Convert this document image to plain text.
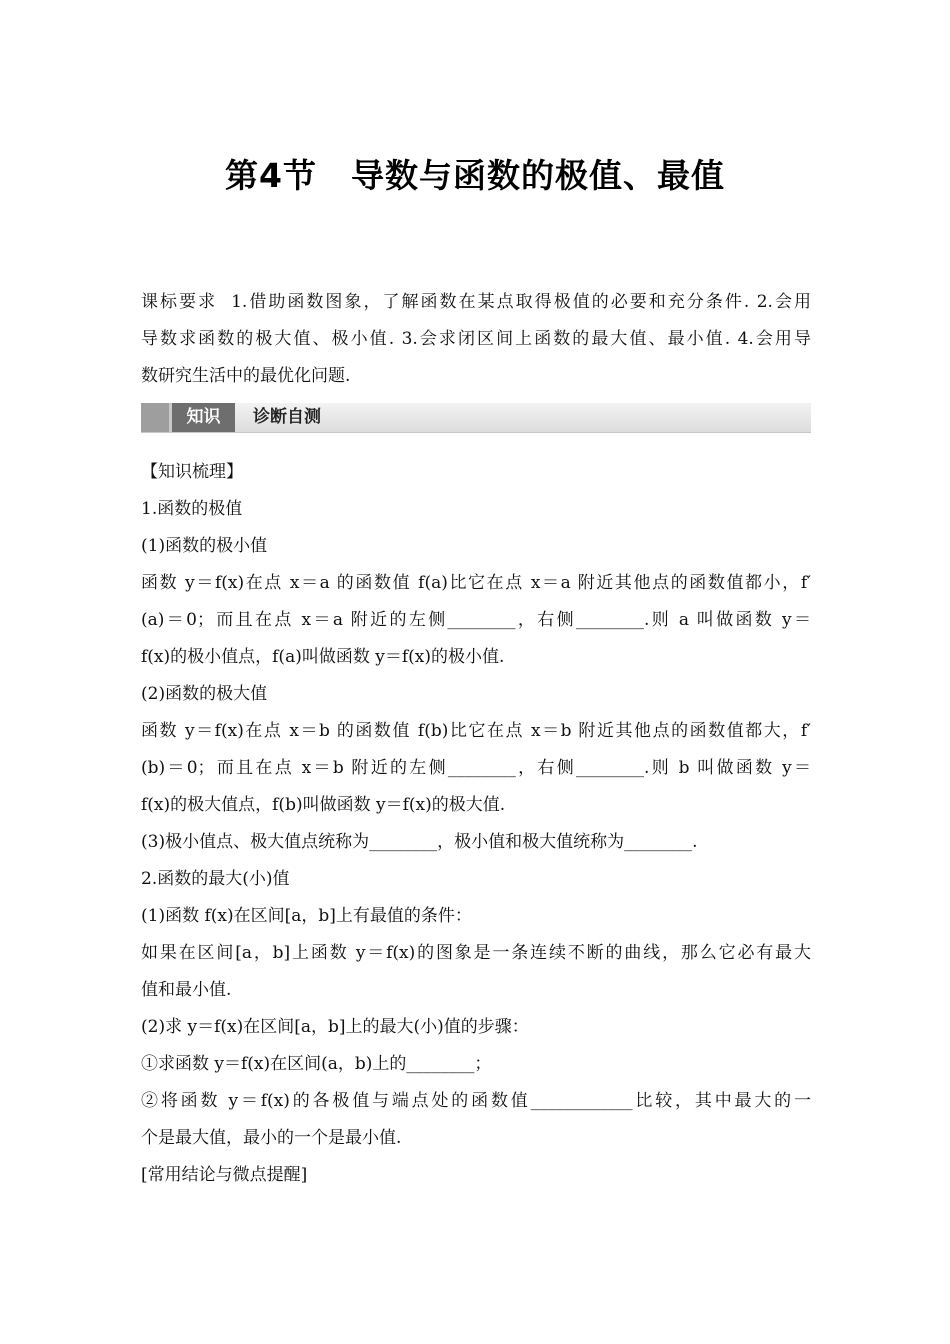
第4节　导数与函数的极值、最值
课标要求 1.借助函数图象，了解函数在某点取得极值的必要和充分条件. 2.会用
导数求函数的极大值、极小值. 3.会求闭区间上函数的最大值、最小值. 4.会用导
数研究生活中的最优化问题.
知识	诊断自测

【知识梳理】

1.函数的极值

(1)函数的极小值

函数 y＝f(x)在点 x＝a 的函数值 f(a)比它在点 x＝a 附近其他点的函数值都小，f′

(a)＝0；而且在点 x＝a 附近的左侧________，右侧________.则 a 叫做函数 y＝

f(x)的极小值点，f(a)叫做函数 y＝f(x)的极小值.

(2)函数的极大值

函数 y＝f(x)在点 x＝b 的函数值 f(b)比它在点 x＝b 附近其他点的函数值都大，f′

(b)＝0；而且在点 x＝b 附近的左侧________，右侧________.则 b 叫做函数 y＝

f(x)的极大值点，f(b)叫做函数 y＝f(x)的极大值.

(3)极小值点、极大值点统称为________，极小值和极大值统称为________.

2.函数的最大(小)值

(1)函数 f(x)在区间[a，b]上有最值的条件：

如果在区间[a，b]上函数 y＝f(x)的图象是一条连续不断的曲线，那么它必有最大

值和最小值.

(2)求 y＝f(x)在区间[a，b]上的最大(小)值的步骤：

①求函数 y＝f(x)在区间(a，b)上的________；

②将函数 y＝f(x)的各极值与端点处的函数值____________比较，其中最大的一

个是最大值，最小的一个是最小值.

[常用结论与微点提醒]
